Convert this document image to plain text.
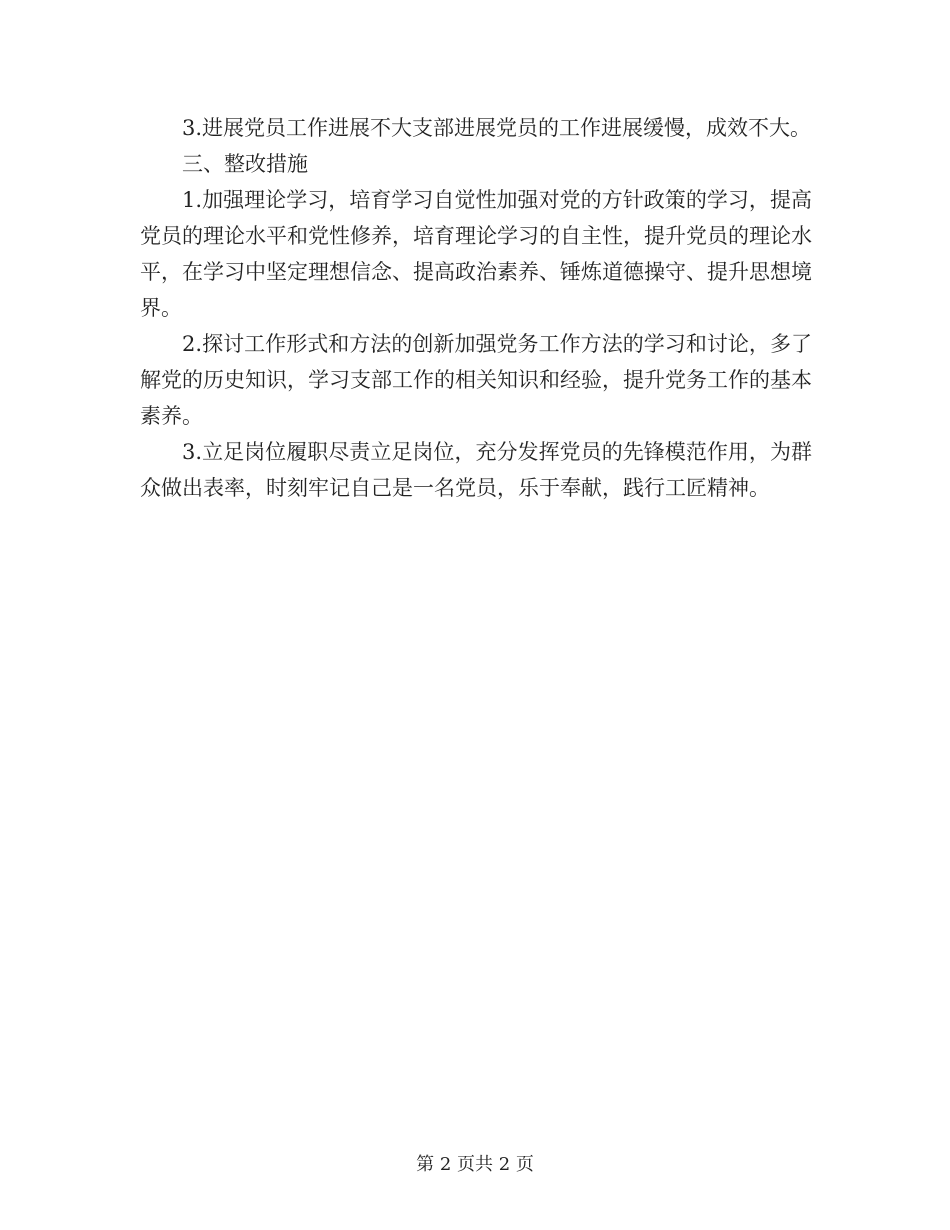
3.进展党员工作进展不大支部进展党员的工作进展缓慢，成效不大。

三、整改措施

1.加强理论学习，培育学习自觉性加强对党的方针政策的学习，提高党员的理论水平和党性修养，培育理论学习的自主性，提升党员的理论水平，在学习中坚定理想信念、提高政治素养、锤炼道德操守、提升思想境界。

2.探讨工作形式和方法的创新加强党务工作方法的学习和讨论，多了解党的历史知识，学习支部工作的相关知识和经验，提升党务工作的基本素养。

3.立足岗位履职尽责立足岗位，充分发挥党员的先锋模范作用，为群众做出表率，时刻牢记自己是一名党员，乐于奉献，践行工匠精神。

第 2 页共 2 页
